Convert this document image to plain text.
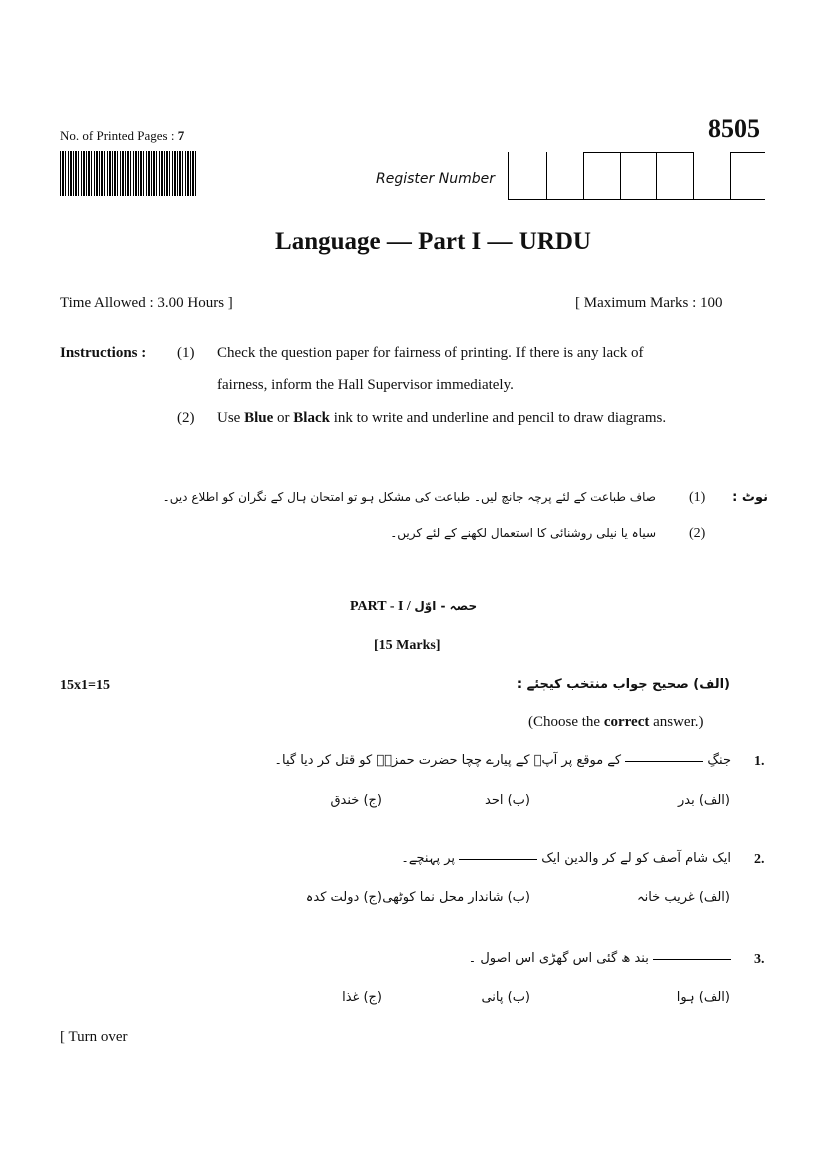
No. of Printed Pages : 7	8505
Register Number
Language — Part I — URDU
Time Allowed : 3.00 Hours ]	[ Maximum Marks : 100
Instructions : (1) Check the question paper for fairness of printing. If there is any lack of
fairness, inform the Hall Supervisor immediately.
(2) Use Blue or Black ink to write and underline and pencil to draw diagrams.
نوٹ :
(1)
صاف طباعت کے لئے پرچہ جانچ لیں۔ طباعت کی مشکل ہو تو امتحان ہال کے نگران کو اطلاع دیں۔
(2)
سیاہ یا نیلی روشنائی کا استعمال لکھنے کے لئے کریں۔
PART - I / حصہ - اوّل
[15 Marks]
15x1=15	(الف) صحیح جواب منتخب کیجئے :
(Choose the correct answer.)
1.
جنگِ  کے موقع پر آپؐ کے پیارے چچا حضرت حمزہؓ کو قتل کر دیا گیا۔
(الف) بدر
(ب) احد
(ج) خندق
2.
ایک شام آصف کو لے کر والدین ایک  پر پہنچے۔
(الف) غریب خانہ
(ب) شاندار محل نما کوٹھی
(ج) دولت کدہ
3.
بند ھ گئی اس گھڑی اس اصول ۔
(الف) ہوا
(ب) پانی
(ج) غذا
[ Turn over
